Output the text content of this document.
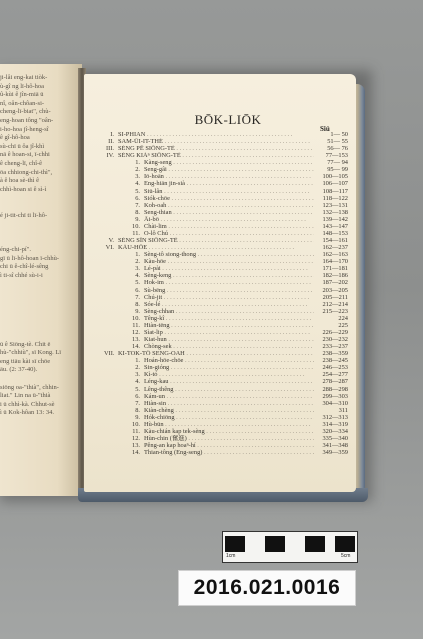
ji-lâi eng-kai tiòk-
ù-gî ng lī-hô-hoa
û-kùi ê jîn-miā ū
nî, oân-chôan-si-
cheng-lī-biat", chù-
eng-hoan tông "oân-
i-ho-hoa jî-heng-sî
ê gî-hô-hoa
sù-chī ū ôa jî-khì
nā ê hoan-si, ī-chhi
ê cheng-lī, chî-ê
ōa chhiong-chi-thì",
à ê hoa sè-thì ê
chhì-hoan si ê sì-ì
é ji-tit-chī ti lī-hô-
éng-chi-pí".
gī ū lī-hô-hoan ī-chhù-
chi ū ê-chî-lé-sêng
ì ti-sî chhé sù-i-i
ū ê Siōng-tè. Chit ē
hù-"chhiù", sī Kong. Lī
eng tiāu kài sī chōe
āu. (2: 37-40).
siōng oa-"thià", chhin-
liat." Lin na ū-"thià
i ū chhì-kà. Chhut-sè
ì ū Kok-hôan 13: 34.
BŌK-LIŌK
Siú
I. SI-PHIAN . . .	1— 50
II. SAM-ŪI-IT-THÉ . . .	51— 55
III. SÈNG PĒ SIŌNG-TÈ . . .	56— 76
IV. SÈNG KIÁⁿ SIŌNG-TÈ . . .	77—153
1. Kàng-seng . . .	77— 94
2. Seng-gâi . . .	95— 99
3. Iō-hoān . . .	100—105
4. Eng-hiān jin-sià . . .	106—107
5. Siū-lân . . .	108—117
6. Siók-chōe . . .	118—122
7. Koh-oah . . .	123—131
8. Seng-thian . . .	132—138
9. Āi-bō . . .	139—142
10. Chài-lim . . .	143—147
11. O-lô Chú . . .	148—153
V. SÈNG SÎN SIŌNG-TÈ . . .	154—161
VI. KÀU-HŌE . . .	162—237
1. Sèng-tô siong-thong . . .	162—163
2. Kàu-hōe . . .	164—170
3. Lé-pài . . .	171—181
4. Sèng-keng . . .	182—186
5. Hok-im . . .	187—202
6. Sù-bēng . . .	203—205
7. Chú-jit . . .	205—211
8. Sóe-lé . . .	212—214
9. Sèng-chhan . . .	215—223
10. Têng-kî . . .	224
11. Hiàn-tēng . . .	225
12. Sìat-lip . . .	226—229
13. Kiat-hun . . .	230—232
14. Chòng-sek . . .	233—237
VII. KI-TOK-TÔ SENG-OAH . . .	238—359
1. Hoán-hōe-chōe . . .	238—245
2. Sin-gióng . . .	246—253
3. Kì-tó . . .	254—277
4. Léng-kau . . .	278—287
5. Lêng-thêng . . .	288—298
6. Kám-un . . .	299—303
7. Hiàn-sin . . .	304—310
8. Kiàn-chèng . . .	311
9. Hók-chiōng . . .	312—313
10. Hù-būn . . .	314—319
11. Kàu-chián kap tek-sèng . . .	320—334
12. Hùn-chin (奮進) . . .	335—340
13. Pêng-an kap hoaⁿ-hí . . .	341—348
14. Thian-tông (Eng-seng) . . .	349—359
1cm	5cm
2016.021.0016
